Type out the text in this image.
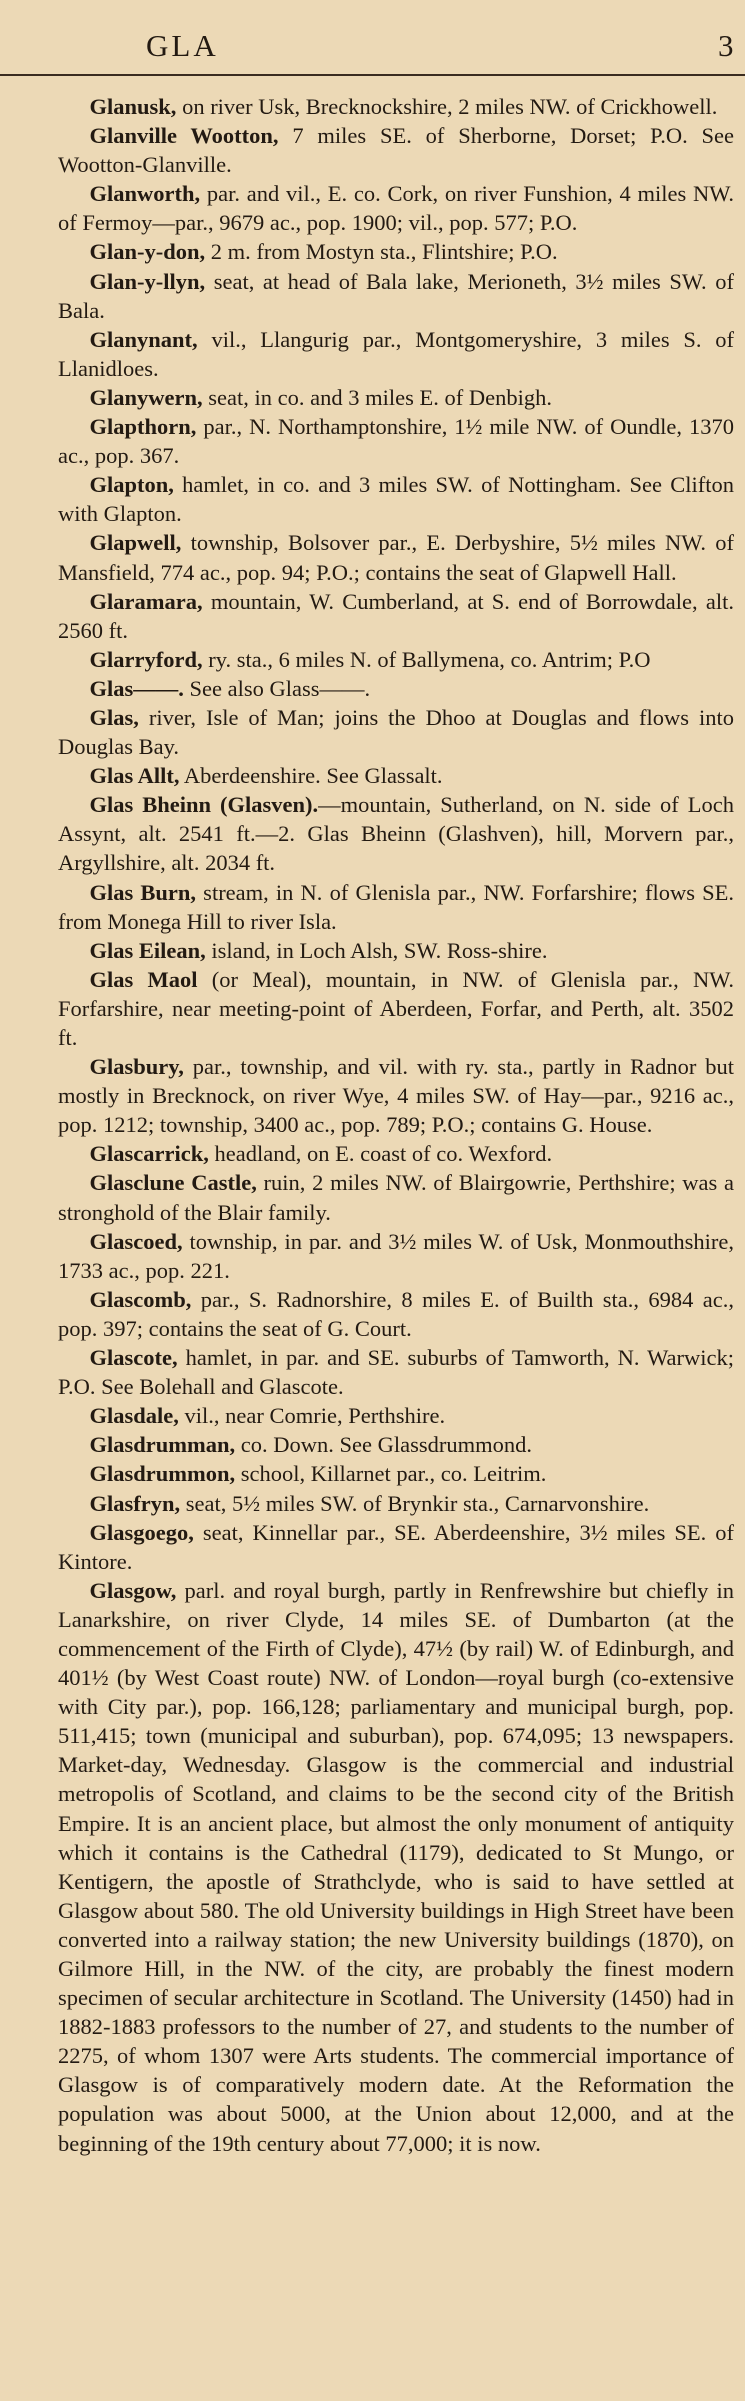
GLA	3
Glanusk, on river Usk, Brecknockshire, 2 miles NW. of Crickhowell.
Glanville Wootton, 7 miles SE. of Sherborne, Dorset; P.O. See Wootton-Glanville.
Glanworth, par. and vil., E. co. Cork, on river Funshion, 4 miles NW. of Fermoy—par., 9679 ac., pop. 1900; vil., pop. 577; P.O.
Glan-y-don, 2 m. from Mostyn sta., Flintshire; P.O.
Glan-y-llyn, seat, at head of Bala lake, Merioneth, 3½ miles SW. of Bala.
Glanynant, vil., Llangurig par., Montgomeryshire, 3 miles S. of Llanidloes.
Glanywern, seat, in co. and 3 miles E. of Denbigh.
Glapthorn, par., N. Northamptonshire, 1½ mile NW. of Oundle, 1370 ac., pop. 367.
Glapton, hamlet, in co. and 3 miles SW. of Nottingham. See Clifton with Glapton.
Glapwell, township, Bolsover par., E. Derbyshire, 5½ miles NW. of Mansfield, 774 ac., pop. 94; P.O.; contains the seat of Glapwell Hall.
Glaramara, mountain, W. Cumberland, at S. end of Borrowdale, alt. 2560 ft.
Glarryford, ry. sta., 6 miles N. of Ballymena, co. Antrim; P.O
Glas——. See also Glass——.
Glas, river, Isle of Man; joins the Dhoo at Douglas and flows into Douglas Bay.
Glas Allt, Aberdeenshire. See Glassalt.
Glas Bheinn (Glasven).—mountain, Sutherland, on N. side of Loch Assynt, alt. 2541 ft.—2. Glas Bheinn (Glashven), hill, Morvern par., Argyllshire, alt. 2034 ft.
Glas Burn, stream, in N. of Glenisla par., NW. Forfarshire; flows SE. from Monega Hill to river Isla.
Glas Eilean, island, in Loch Alsh, SW. Ross-shire.
Glas Maol (or Meal), mountain, in NW. of Glenisla par., NW. Forfarshire, near meeting-point of Aberdeen, Forfar, and Perth, alt. 3502 ft.
Glasbury, par., township, and vil. with ry. sta., partly in Radnor but mostly in Brecknock, on river Wye, 4 miles SW. of Hay—par., 9216 ac., pop. 1212; township, 3400 ac., pop. 789; P.O.; contains G. House.
Glascarrick, headland, on E. coast of co. Wexford.
Glasclune Castle, ruin, 2 miles NW. of Blairgowrie, Perthshire; was a stronghold of the Blair family.
Glascoed, township, in par. and 3½ miles W. of Usk, Monmouthshire, 1733 ac., pop. 221.
Glascomb, par., S. Radnorshire, 8 miles E. of Builth sta., 6984 ac., pop. 397; contains the seat of G. Court.
Glascote, hamlet, in par. and SE. suburbs of Tamworth, N. Warwick; P.O. See Bolehall and Glascote.
Glasdale, vil., near Comrie, Perthshire.
Glasdrumman, co. Down. See Glassdrummond.
Glasdrummon, school, Killarnet par., co. Leitrim.
Glasfryn, seat, 5½ miles SW. of Brynkir sta., Carnarvonshire.
Glasgoego, seat, Kinnellar par., SE. Aberdeenshire, 3½ miles SE. of Kintore.
Glasgow, parl. and royal burgh, partly in Renfrewshire but chiefly in Lanarkshire, on river Clyde, 14 miles SE. of Dumbarton (at the commencement of the Firth of Clyde), 47½ (by rail) W. of Edinburgh, and 401½ (by West Coast route) NW. of London—royal burgh (co-extensive with City par.), pop. 166,128; parliamentary and municipal burgh, pop. 511,415; town (municipal and suburban), pop. 674,095; 13 newspapers. Market-day, Wednesday. Glasgow is the commercial and industrial metropolis of Scotland, and claims to be the second city of the British Empire. It is an ancient place, but almost the only monument of antiquity which it contains is the Cathedral (1179), dedicated to St Mungo, or Kentigern, the apostle of Strathclyde, who is said to have settled at Glasgow about 580. The old University buildings in High Street have been converted into a railway station; the new University buildings (1870), on Gilmore Hill, in the NW. of the city, are probably the finest modern specimen of secular architecture in Scotland. The University (1450) had in 1882-1883 professors to the number of 27, and students to the number of 2275, of whom 1307 were Arts students. The commercial importance of Glasgow is of comparatively modern date. At the Reformation the population was about 5000, at the Union about 12,000, and at the beginning of the 19th century about 77,000; it is now.
